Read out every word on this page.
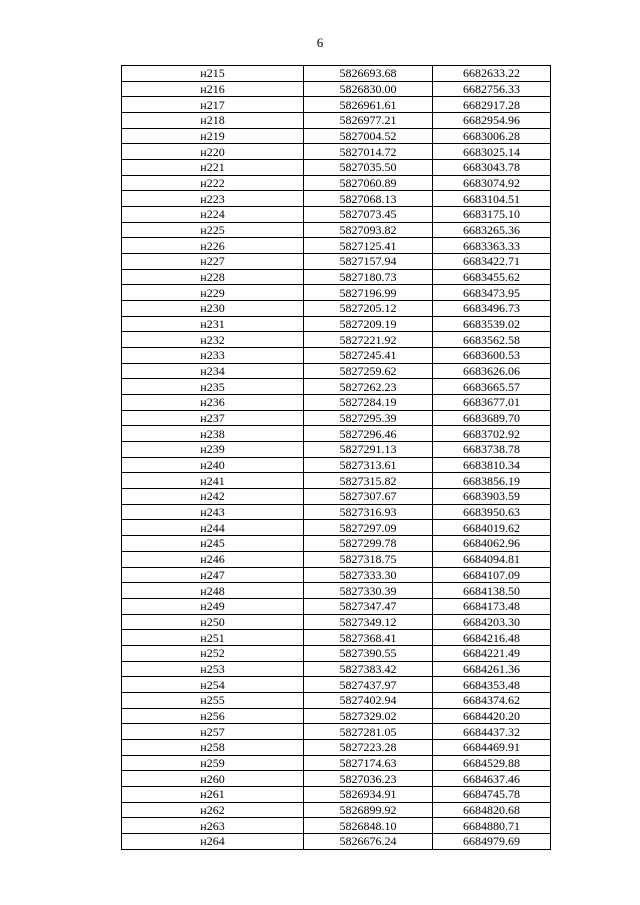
6
н215	5826693.68	6682633.22
н216	5826830.00	6682756.33
н217	5826961.61	6682917.28
н218	5826977.21	6682954.96
н219	5827004.52	6683006.28
н220	5827014.72	6683025.14
н221	5827035.50	6683043.78
н222	5827060.89	6683074.92
н223	5827068.13	6683104.51
н224	5827073.45	6683175.10
н225	5827093.82	6683265.36
н226	5827125.41	6683363.33
н227	5827157.94	6683422.71
н228	5827180.73	6683455.62
н229	5827196.99	6683473.95
н230	5827205.12	6683496.73
н231	5827209.19	6683539.02
н232	5827221.92	6683562.58
н233	5827245.41	6683600.53
н234	5827259.62	6683626.06
н235	5827262.23	6683665.57
н236	5827284.19	6683677.01
н237	5827295.39	6683689.70
н238	5827296.46	6683702.92
н239	5827291.13	6683738.78
н240	5827313.61	6683810.34
н241	5827315.82	6683856.19
н242	5827307.67	6683903.59
н243	5827316.93	6683950.63
н244	5827297.09	6684019.62
н245	5827299.78	6684062.96
н246	5827318.75	6684094.81
н247	5827333.30	6684107.09
н248	5827330.39	6684138.50
н249	5827347.47	6684173.48
н250	5827349.12	6684203.30
н251	5827368.41	6684216.48
н252	5827390.55	6684221.49
н253	5827383.42	6684261.36
н254	5827437.97	6684353.48
н255	5827402.94	6684374.62
н256	5827329.02	6684420.20
н257	5827281.05	6684437.32
н258	5827223.28	6684469.91
н259	5827174.63	6684529.88
н260	5827036.23	6684637.46
н261	5826934.91	6684745.78
н262	5826899.92	6684820.68
н263	5826848.10	6684880.71
н264	5826676.24	6684979.69
